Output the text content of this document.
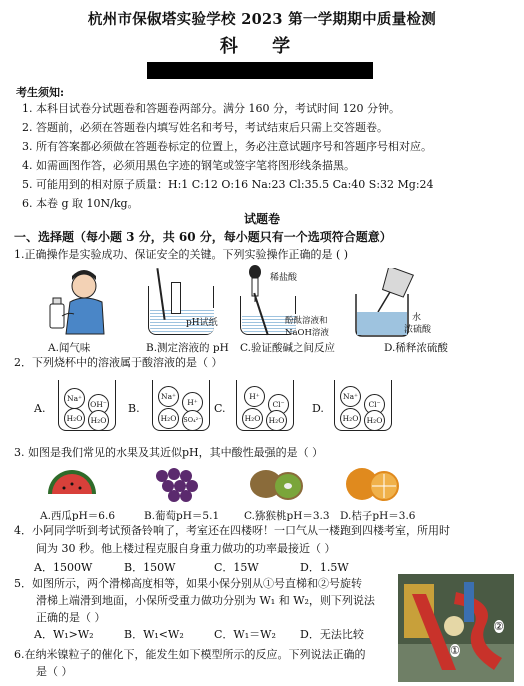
杭州市保俶塔实验学校 2023 第一学期期中质量检测
科 学
考生须知:
1. 本科目试卷分试题卷和答题卷两部分。满分 160 分，考试时间 120 分钟。
2. 答题前，必须在答题卷内填写姓名和考号，考试结束后只需上交答题卷。
3. 所有答案都必须做在答题卷标定的位置上，务必注意试题序号和答题序号相对应。
4. 如需画图作答，必须用黑色字迹的钢笔或签字笔将图形线条描黑。
5. 可能用到的相对原子质量：H:1 C:12 O:16 Na:23 Cl:35.5 Ca:40 S:32 Mg:24
6. 本卷 g 取 10N/kg。
试题卷
一、选择题（每小题 3 分，共 60 分，每小题只有一个选项符合题意）
1.正确操作是实验成功、保证安全的关键。下列实验操作正确的是 ( )
pH试纸
稀盐酸
酚酞溶液和
NaOH溶液
水
浓硫酸
A.闻气味	B.测定溶液的 pH C.验证酸碱之间反应	D.稀释浓硫酸
2．下列烧杯中的溶液属于酸溶液的是（ ）
A.
Na⁺
OH⁻
H₂O	H₂O
B.
Na⁺
H⁺
H₂O	SO₄²⁻
C.
H⁺
Cl⁻
H₂O	H₂O
D.
Na⁺
Cl⁻
H₂O	H₂O
3. 如图是我们常见的水果及其近似pH，其中酸性最强的是（ ）
A.西瓜pH＝6.6	B.葡萄pH＝5.1 C.猕猴桃pH＝3.3 D.桔子pH＝3.6
4．小阿同学听到考试预备铃响了，考室还在四楼呀！一口气从一楼跑到四楼考室，所用时
间为 30 秒。他上楼过程克服自身重力做功的功率最接近（ ）
A．1500W	B．150W	C．15W	D．1.5W
5．如图所示，两个滑梯高度相等，如果小保分别从①号直梯和②号旋转
滑梯上端滑到地面，小保所受重力做功分别为 W₁ 和 W₂，则下列说法
正确的是（ ）
A．W₁>W₂	B．W₁<W₂	C．W₁＝W₂ D．无法比较
①
②
6.在纳米镍粒子的催化下，能发生如下模型所示的反应。下列说法正确的
是（ ）
